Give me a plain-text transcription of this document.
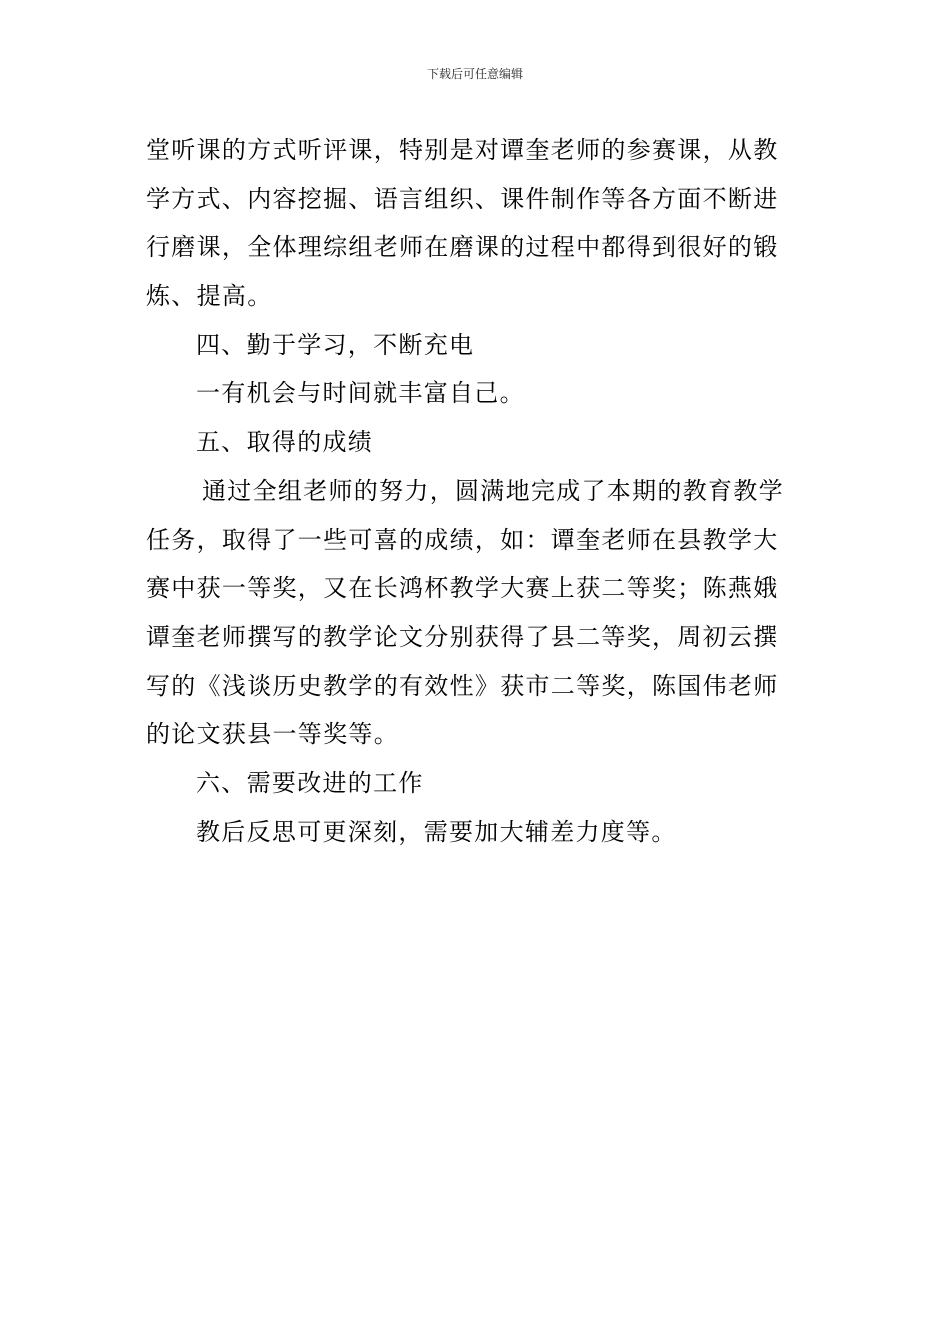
下载后可任意编辑
堂听课的方式听评课，特别是对谭奎老师的参赛课，从教
学方式、内容挖掘、语言组织、课件制作等各方面不断进
行磨课，全体理综组老师在磨课的过程中都得到很好的锻
炼、提高。
四、勤于学习，不断充电
一有机会与时间就丰富自己。
五、取得的成绩
通过全组老师的努力，圆满地完成了本期的教育教学
任务，取得了一些可喜的成绩，如：谭奎老师在县教学大
赛中获一等奖，又在长鸿杯教学大赛上获二等奖；陈燕娥
谭奎老师撰写的教学论文分别获得了县二等奖，周初云撰
写的《浅谈历史教学的有效性》获市二等奖，陈国伟老师
的论文获县一等奖等。
六、需要改进的工作
教后反思可更深刻，需要加大辅差力度等。
